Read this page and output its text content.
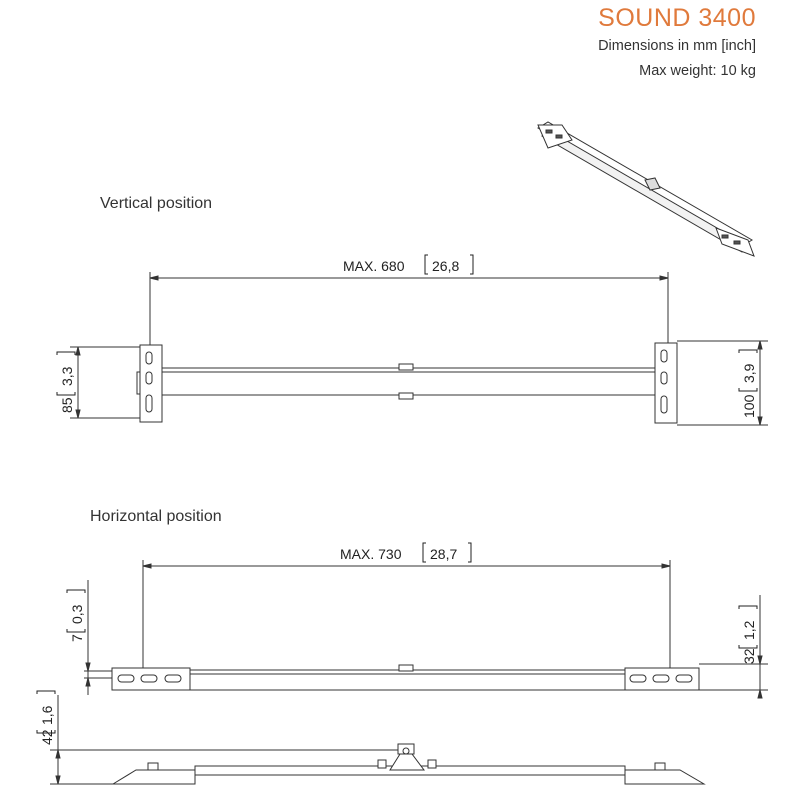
SOUND 3400
Dimensions in mm [inch]
Max weight: 10 kg
Vertical position
Horizontal position
MAX. 680 26,8
85
3,3
100
3,9
MAX. 730 28,7
7
0,3
32
1,2
42
1,6
